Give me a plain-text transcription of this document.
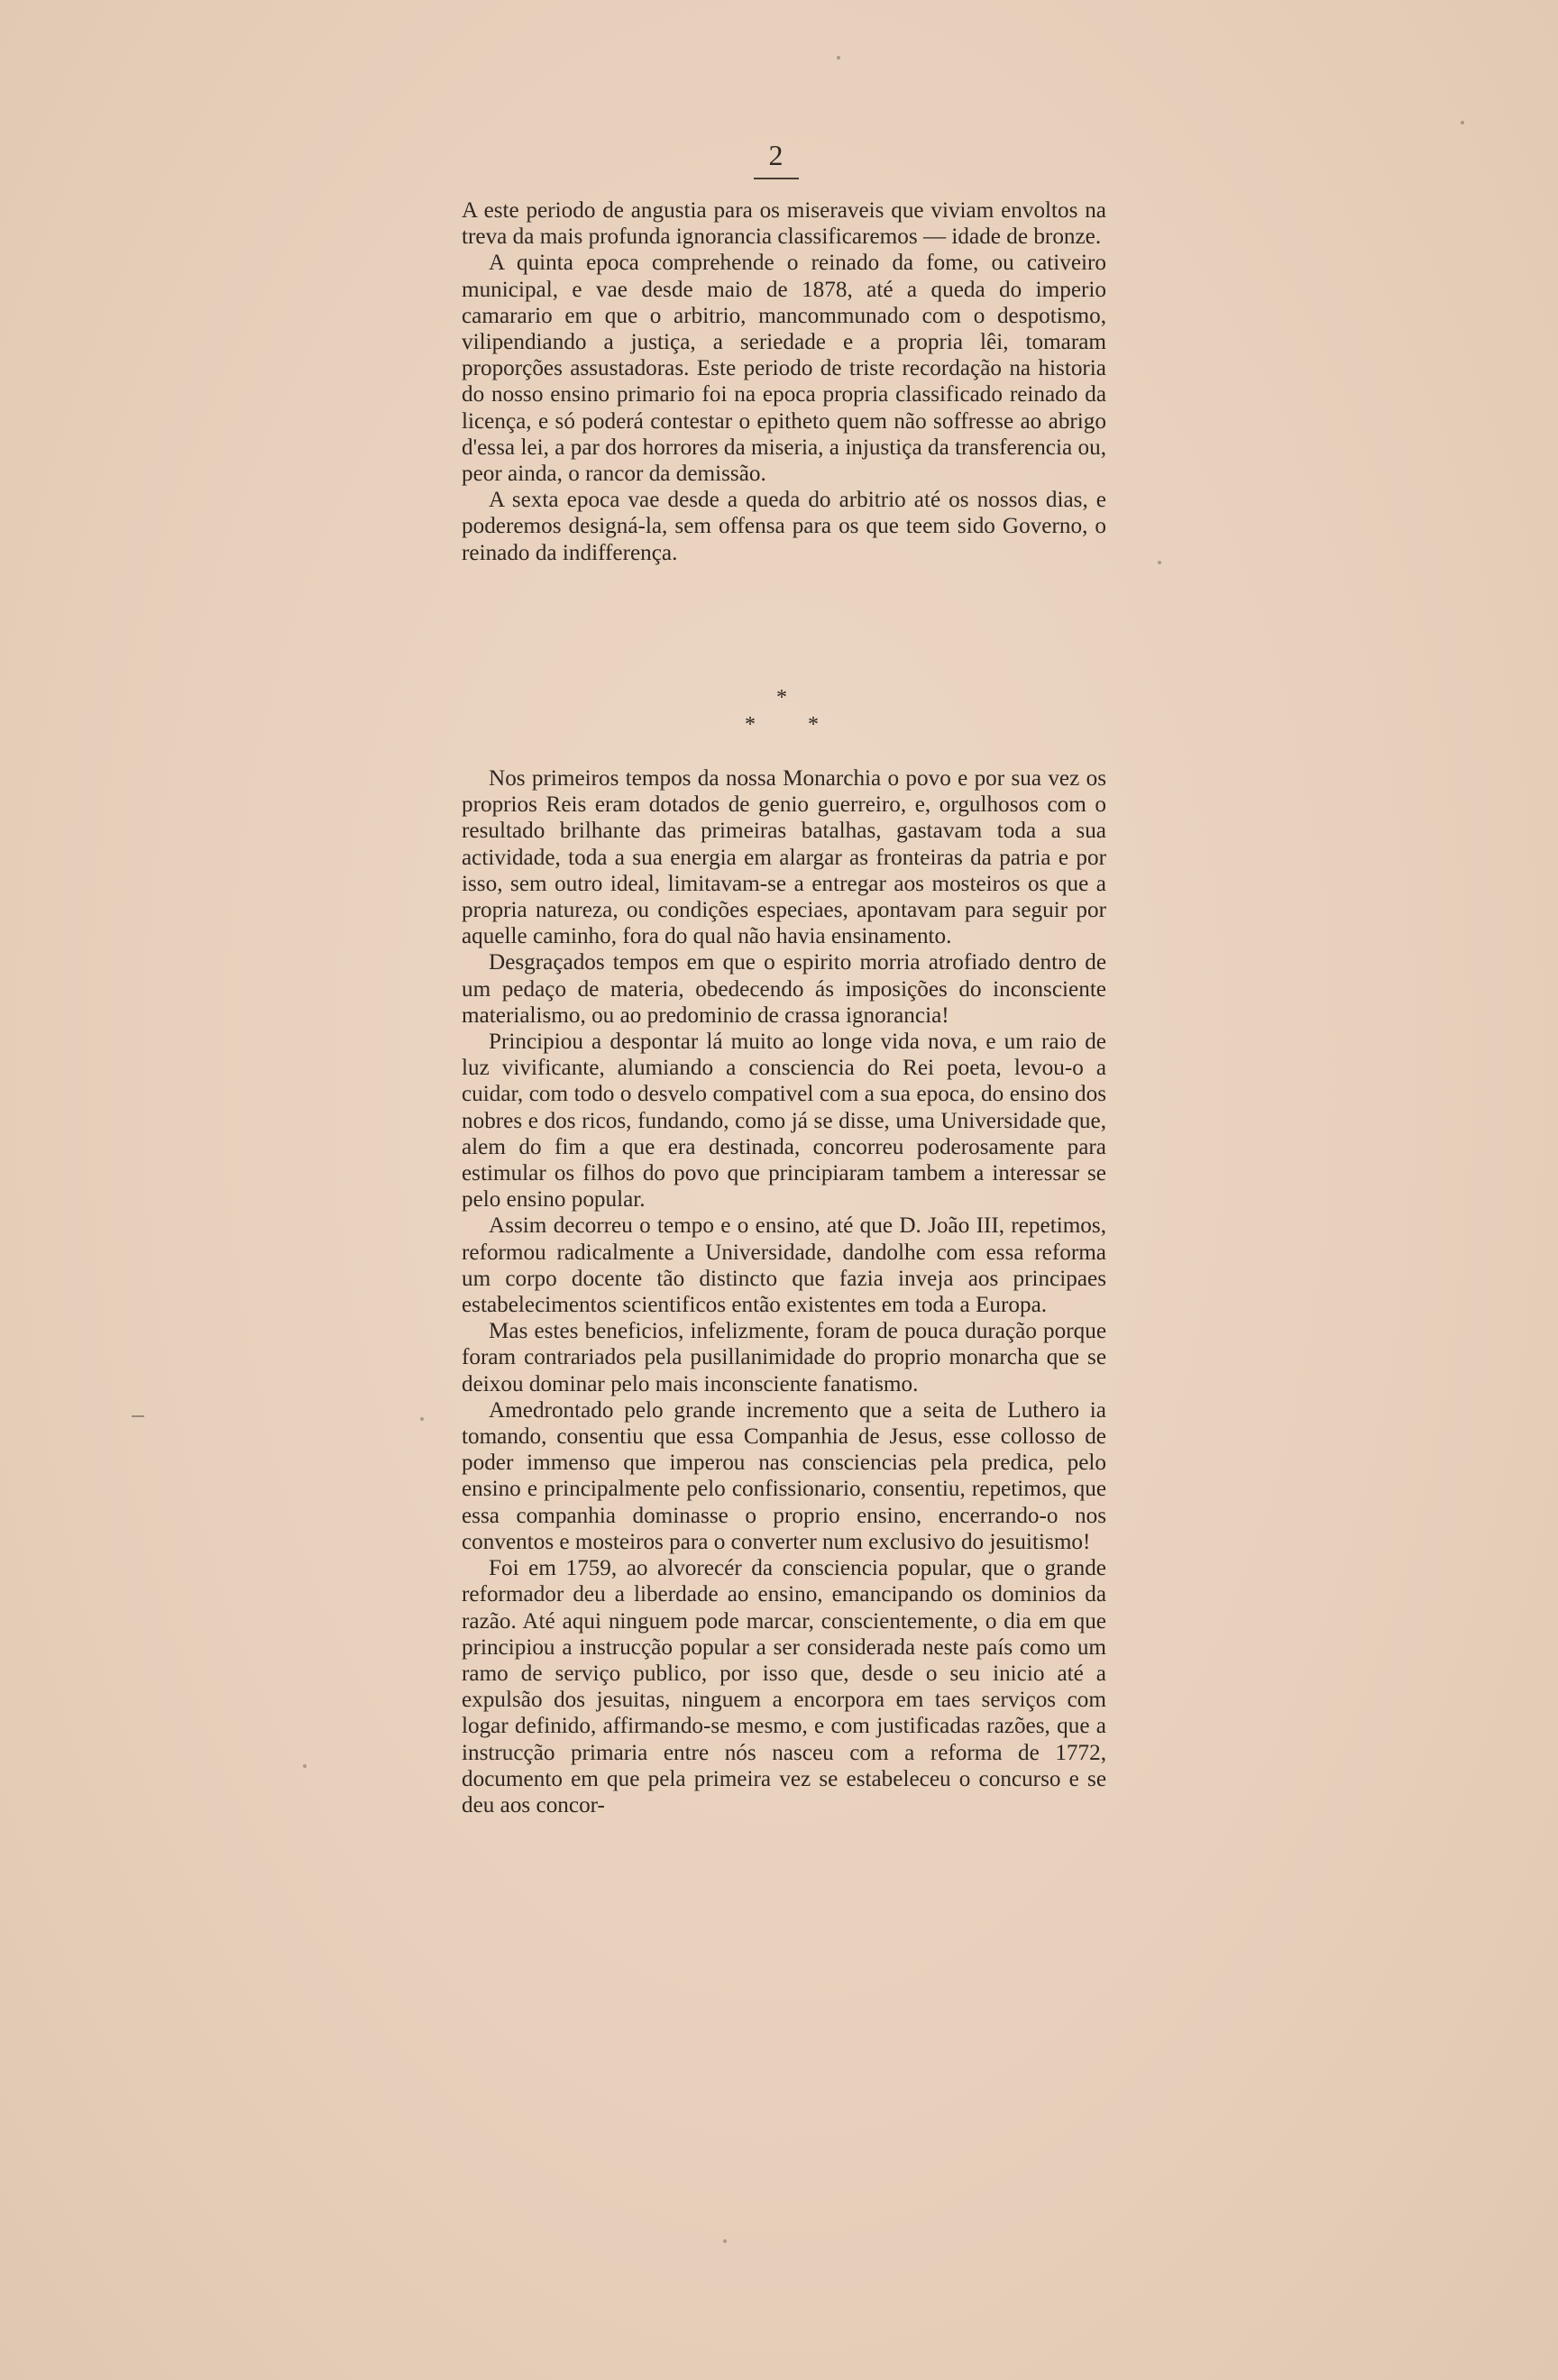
2

A este periodo de angustia para os miseraveis que viviam envoltos na treva da mais profunda ignorancia classificaremos — idade de bronze.

A quinta epoca comprehende o reinado da fome, ou cativeiro municipal, e vae desde maio de 1878, até a queda do imperio camarario em que o arbitrio, mancommunado com o despotismo, vilipendiando a justiça, a seriedade e a propria lêi, tomaram proporções assustadoras. Este periodo de triste recordação na historia do nosso ensino primario foi na epoca propria classificado reinado da licença, e só poderá contestar o epitheto quem não soffresse ao abrigo d'essa lei, a par dos horrores da miseria, a injustiça da transferencia ou, peor ainda, o rancor da demissão.

A sexta epoca vae desde a queda do arbitrio até os nossos dias, e poderemos designá-la, sem offensa para os que teem sido Governo, o reinado da indifferença.

*
* *

Nos primeiros tempos da nossa Monarchia o povo e por sua vez os proprios Reis eram dotados de genio guerreiro, e, orgulhosos com o resultado brilhante das primeiras batalhas, gastavam toda a sua actividade, toda a sua energia em alargar as fronteiras da patria e por isso, sem outro ideal, limitavam-se a entregar aos mosteiros os que a propria natureza, ou condições especiaes, apontavam para seguir por aquelle caminho, fora do qual não havia ensinamento.

Desgraçados tempos em que o espirito morria atrofiado dentro de um pedaço de materia, obedecendo ás imposições do inconsciente materialismo, ou ao predominio de crassa ignorancia!

Principiou a despontar lá muito ao longe vida nova, e um raio de luz vivificante, alumiando a consciencia do Rei poeta, levou-o a cuidar, com todo o desvelo compativel com a sua epoca, do ensino dos nobres e dos ricos, fundando, como já se disse, uma Universidade que, alem do fim a que era destinada, concorreu poderosamente para estimular os filhos do povo que principiaram tambem a interessar se pelo ensino popular.

Assim decorreu o tempo e o ensino, até que D. João III, repetimos, reformou radicalmente a Universidade, dandolhe com essa reforma um corpo docente tão distincto que fazia inveja aos principaes estabelecimentos scientificos então existentes em toda a Europa.

Mas estes beneficios, infelizmente, foram de pouca duração porque foram contrariados pela pusillanimidade do proprio monarcha que se deixou dominar pelo mais inconsciente fanatismo.

Amedrontado pelo grande incremento que a seita de Luthero ia tomando, consentiu que essa Companhia de Jesus, esse collosso de poder immenso que imperou nas consciencias pela predica, pelo ensino e principalmente pelo confissionario, consentiu, repetimos, que essa companhia dominasse o proprio ensino, encerrando-o nos conventos e mosteiros para o converter num exclusivo do jesuitismo!

Foi em 1759, ao alvorecér da consciencia popular, que o grande reformador deu a liberdade ao ensino, emancipando os dominios da razão. Até aqui ninguem pode marcar, conscientemente, o dia em que principiou a instrucção popular a ser considerada neste país como um ramo de serviço publico, por isso que, desde o seu inicio até a expulsão dos jesuitas, ninguem a encorpora em taes serviços com logar definido, affirmando-se mesmo, e com justificadas razões, que a instrucção primaria entre nós nasceu com a reforma de 1772, documento em que pela primeira vez se estabeleceu o concurso e se deu aos concor-
